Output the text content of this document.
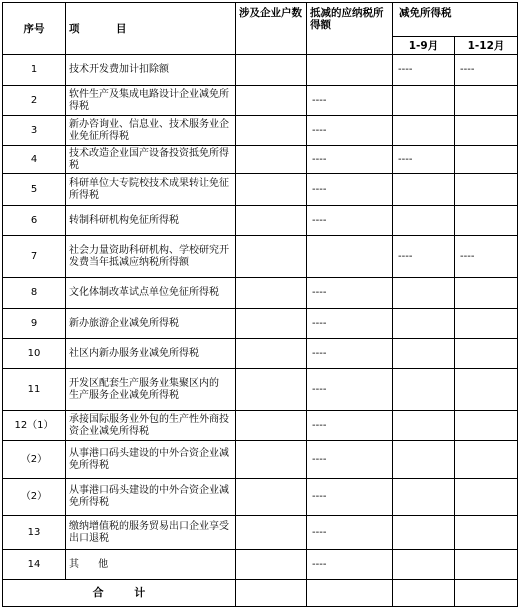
序号	项          目	涉及企业户数	抵减的应纳税所得额	减免所得税	
				1-9月	1-12月
1	技术开发费加计扣除额			----	----
2	软件生产及集成电路设计企业减免所得税		----		
3	新办咨询业、信息业、技术服务业企业免征所得税		----		
4	技术改造企业国产设备投资抵免所得税		----	----	
5	科研单位大专院校技术成果转让免征所得税		----		
6	转制科研机构免征所得税		----		
7	社会力量资助科研机构、学校研究开发费当年抵减应纳税所得额			----	----
8	文化体制改革试点单位免征所得税		----		
9	新办旅游企业减免所得税		----		
10	社区内新办服务业减免所得税		----		
11	开发区配套生产服务业集聚区内的
生产服务企业减免所得税		----		
12（1）	承接国际服务业外包的生产性外商投资企业减免所得税		----		
（2）	从事港口码头建设的中外合资企业减免所得税		----		
（2）	从事港口码头建设的中外合资企业减免所得税		----		
13	缴纳增值税的服务贸易出口企业享受出口退税		----		
14	其      他		----		
合        计					
